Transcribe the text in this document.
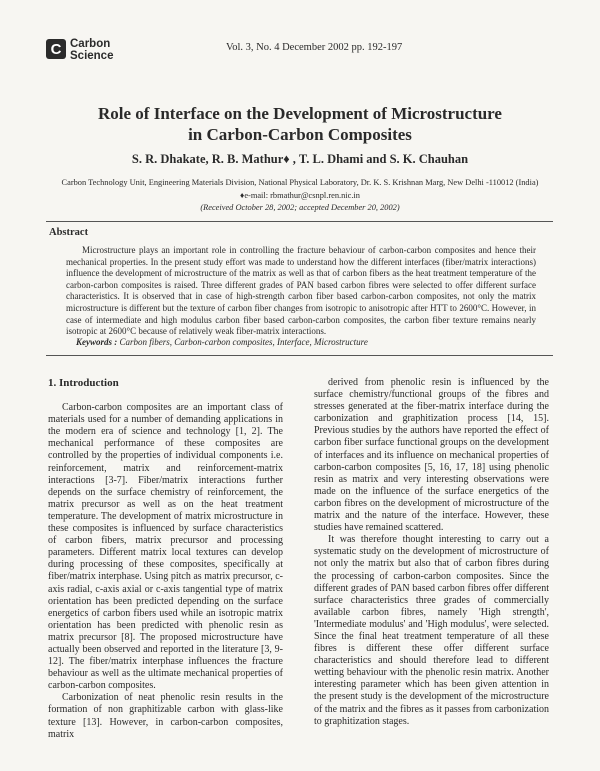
C Carbon
Science
Vol. 3, No. 4 December 2002 pp. 192-197
Role of Interface on the Development of Microstructure
in Carbon-Carbon Composites
S. R. Dhakate, R. B. Mathur♦ , T. L. Dhami and S. K. Chauhan
Carbon Technology Unit, Engineering Materials Division, National Physical Laboratory, Dr. K. S. Krishnan Marg, New Delhi -110012 (India)
♦e-mail: rbmathur@csnpl.ren.nic.in
(Received October 28, 2002; accepted December 20, 2002)
Abstract
Microstructure plays an important role in controlling the fracture behaviour of carbon-carbon composites and hence their mechanical properties. In the present study effort was made to understand how the different interfaces (fiber/matrix interactions) influence the development of microstructure of the matrix as well as that of carbon fibers as the heat treatment temperature of the carbon-carbon composites is raised. Three different grades of PAN based carbon fibres were selected to offer different surface characteristics. It is observed that in case of high-strength carbon fiber based carbon-carbon composites, not only the matrix microstructure is different but the texture of carbon fiber changes from isotropic to anisotropic after HTT to 2600°C. However, in case of intermediate and high modulus carbon fiber based carbon-carbon composites, the carbon fiber texture remains nearly isotropic at 2600°C because of relatively weak fiber-matrix interactions.
Keywords : Carbon fibers, Carbon-carbon composites, Interface, Microstructure
1. Introduction

Carbon-carbon composites are an important class of materials used for a number of demanding applications in the modern era of science and technology [1, 2]. The mechanical performance of these composites are controlled by the properties of individual components i.e. reinforcement, matrix and reinforcement-matrix interactions [3-7]. Fiber/matrix interactions further depends on the surface chemistry of reinforcement, the matrix precursor as well as on the heat treatment temperature. The development of matrix microstructure in these composites is influenced by surface characteristics of carbon fibers, matrix precursor and processing parameters. Different matrix local textures can develop during processing of these composites, specifically at fiber/matrix interphase. Using pitch as matrix precursor, c-axis radial, c-axis axial or c-axis tangential type of matrix orientation has been predicted depending on the surface energetics of carbon fibers used while an isotropic matrix orientation has been predicted with phenolic resin as matrix precursor [8]. The proposed microstructure have actually been observed and reported in the literature [3, 9-12]. The fiber/matrix interphase influences the fracture behaviour as well as the ultimate mechanical properties of carbon-carbon composites.

Carbonization of neat phenolic resin results in the formation of non graphitizable carbon with glass-like texture [13]. However, in carbon-carbon composites, matrix

derived from phenolic resin is influenced by the surface chemistry/functional groups of the fibres and stresses generated at the fiber-matrix interface during the carbonization and graphitization process [14, 15]. Previous studies by the authors have reported the effect of carbon fiber surface functional groups on the development of interfaces and its influence on mechanical properties of carbon-carbon composites [5, 16, 17, 18] using phenolic resin as matrix and very interesting observations were made on the influence of the surface energetics of the carbon fibres on the development of microstructure of the matrix and the nature of the interface. However, these studies have remained scattered.

It was therefore thought interesting to carry out a systematic study on the development of microstructure of not only the matrix but also that of carbon fibres during the processing of carbon-carbon composites. Since the different grades of PAN based carbon fibres offer different surface characteristics three grades of commercially available carbon fibres, namely 'High strength', 'Intermediate modulus' and 'High modulus', were selected. Since the final heat treatment temperature of all these fibres is different these offer different surface characteristics and should therefore lead to different wetting behaviour with the phenolic resin matrix. Another interesting parameter which has been given attention in the present study is the development of the microstructure of the matrix and the fibres as it passes from carbonization to graphitization stages.
